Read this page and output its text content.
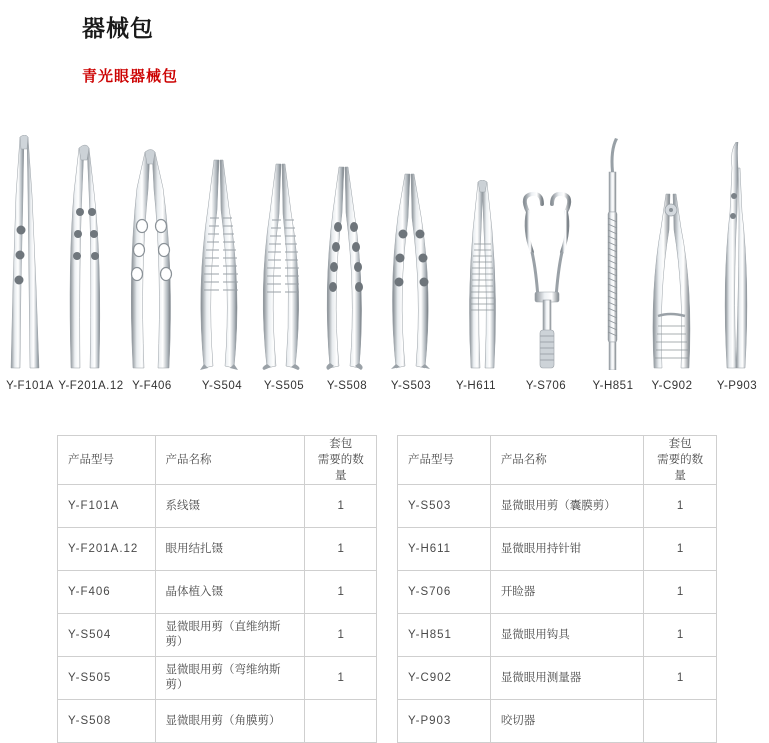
器械包
青光眼器械包
Y-F101A Y-F201A.12 Y-F406	Y-S504	Y-S505	Y-S508	Y-S503	Y-H611	Y-S706	Y-H851	Y-C902	Y-P903
产品型号	产品名称	套包
需要的数量

Y-F101A	系线镊	1
Y-F201A.12	眼用结扎镊	1
Y-F406	晶体植入镊	1
Y-S504	显微眼用剪（直维纳斯剪）	1
Y-S505	显微眼用剪（弯维纳斯剪）	1
Y-S508	显微眼用剪（角膜剪）	
产品型号	产品名称	套包
需要的数量

Y-S503	显微眼用剪（囊膜剪）	1
Y-H611	显微眼用持针钳	1
Y-S706	开睑器	1
Y-H851	显微眼用钩具	1
Y-C902	显微眼用测量器	1
Y-P903	咬切器	
